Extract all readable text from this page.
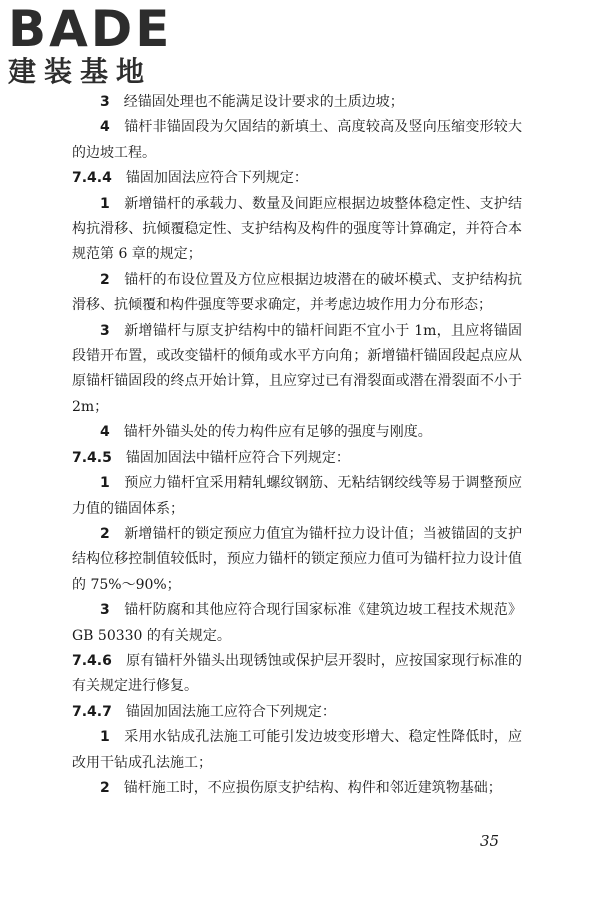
BADE
建装基地

3　 经锚固处理也不能满足设计要求的土质边坡；

4　 锚杆非锚固段为欠固结的新填土、高度较高及竖向压缩变形较大的边坡工程。

7.4.4　 锚固加固法应符合下列规定：

1　 新增锚杆的承载力、数量及间距应根据边坡整体稳定性、支护结构抗滑移、抗倾覆稳定性、支护结构及构件的强度等计算确定，并符合本规范第 6 章的规定；

2　 锚杆的布设位置及方位应根据边坡潜在的破坏模式、支护结构抗滑移、抗倾覆和构件强度等要求确定，并考虑边坡作用力分布形态；

3　 新增锚杆与原支护结构中的锚杆间距不宜小于 1m，且应将锚固段错开布置，或改变锚杆的倾角或水平方向角；新增锚杆锚固段起点应从原锚杆锚固段的终点开始计算，且应穿过已有滑裂面或潜在滑裂面不小于 2m；

4　 锚杆外锚头处的传力构件应有足够的强度与刚度。

7.4.5　 锚固加固法中锚杆应符合下列规定：

1　 预应力锚杆宜采用精轧螺纹钢筋、无粘结钢绞线等易于调整预应力值的锚固体系；

2　 新增锚杆的锁定预应力值宜为锚杆拉力设计值；当被锚固的支护结构位移控制值较低时，预应力锚杆的锁定预应力值可为锚杆拉力设计值的 75%～90%；

3　 锚杆防腐和其他应符合现行国家标准《建筑边坡工程技术规范》GB 50330 的有关规定。

7.4.6　 原有锚杆外锚头出现锈蚀或保护层开裂时，应按国家现行标准的有关规定进行修复。

7.4.7　 锚固加固法施工应符合下列规定：

1　 采用水钻成孔法施工可能引发边坡变形增大、稳定性降低时，应改用干钻成孔法施工；

2　 锚杆施工时，不应损伤原支护结构、构件和邻近建筑物基础；

35
